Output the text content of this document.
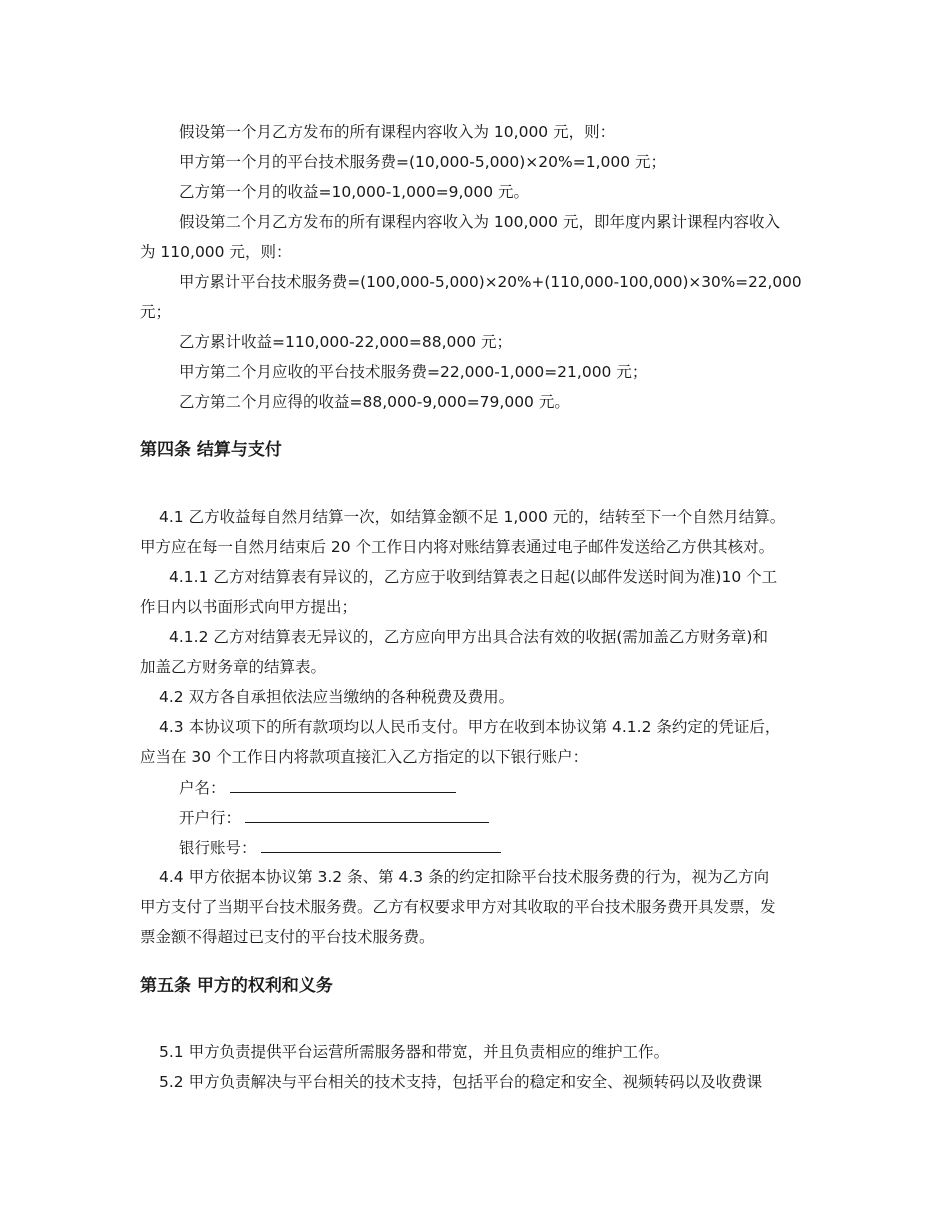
假设第一个月乙方发布的所有课程内容收入为 10,000 元，则：
甲方第一个月的平台技术服务费=(10,000-5,000)×20%=1,000 元；
乙方第一个月的收益=10,000-1,000=9,000 元。
假设第二个月乙方发布的所有课程内容收入为 100,000 元，即年度内累计课程内容收入
为 110,000 元，则：
甲方累计平台技术服务费=(100,000-5,000)×20%+(110,000-100,000)×30%=22,000
元；
乙方累计收益=110,000-22,000=88,000 元；
甲方第二个月应收的平台技术服务费=22,000-1,000=21,000 元；
乙方第二个月应得的收益=88,000-9,000=79,000 元。
第四条 结算与支付
4.1 乙方收益每自然月结算一次，如结算金额不足 1,000 元的，结转至下一个自然月结算。
甲方应在每一自然月结束后 20 个工作日内将对账结算表通过电子邮件发送给乙方供其核对。
4.1.1 乙方对结算表有异议的，乙方应于收到结算表之日起(以邮件发送时间为准)10 个工
作日内以书面形式向甲方提出；
4.1.2 乙方对结算表无异议的，乙方应向甲方出具合法有效的收据(需加盖乙方财务章)和
加盖乙方财务章的结算表。
4.2 双方各自承担依法应当缴纳的各种税费及费用。
4.3 本协议项下的所有款项均以人民币支付。甲方在收到本协议第 4.1.2 条约定的凭证后，
应当在 30 个工作日内将款项直接汇入乙方指定的以下银行账户：
户名：
开户行：
银行账号：
4.4 甲方依据本协议第 3.2 条、第 4.3 条的约定扣除平台技术服务费的行为，视为乙方向
甲方支付了当期平台技术服务费。乙方有权要求甲方对其收取的平台技术服务费开具发票，发
票金额不得超过已支付的平台技术服务费。
第五条 甲方的权利和义务
5.1 甲方负责提供平台运营所需服务器和带宽，并且负责相应的维护工作。
5.2 甲方负责解决与平台相关的技术支持，包括平台的稳定和安全、视频转码以及收费课
